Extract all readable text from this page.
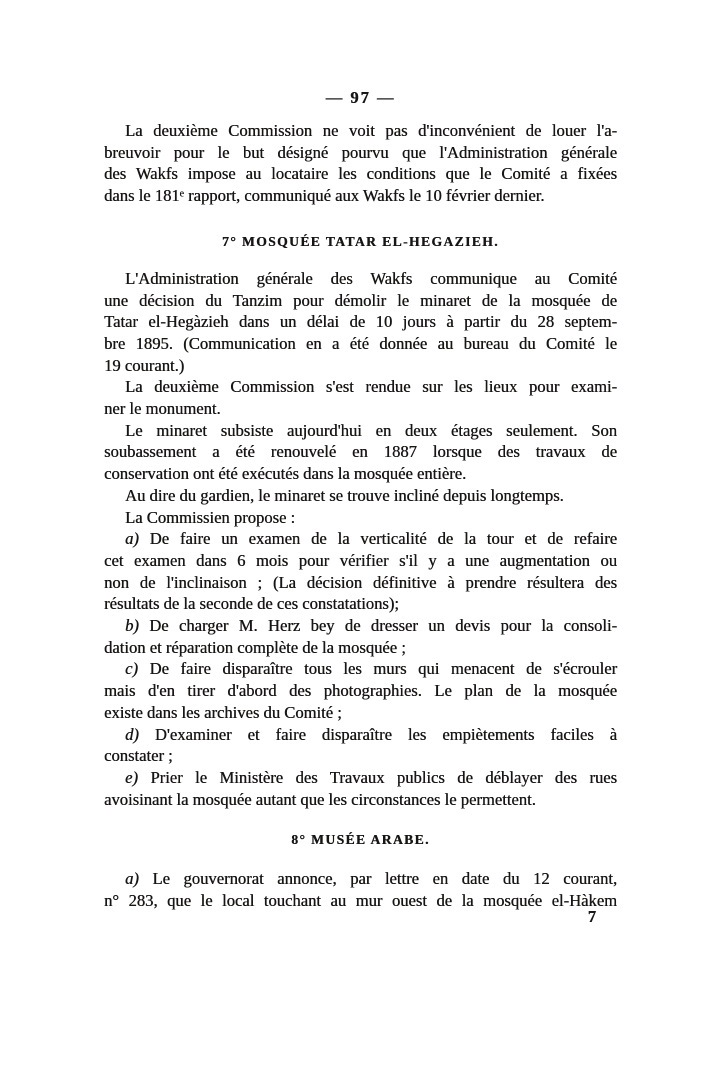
— 97 —
La deuxième Commission ne voit pas d'inconvénient de louer l'a-
breuvoir pour le but désigné pourvu que l'Administration générale
des Wakfs impose au locataire les conditions que le Comité a fixées
dans le 181ᵉ rapport, communiqué aux Wakfs le 10 février dernier.
7° MOSQUÉE TATAR EL-HEGAZIEH.
L'Administration générale des Wakfs communique au Comité
une décision du Tanzim pour démolir le minaret de la mosquée de
Tatar el-Hegàzieh dans un délai de 10 jours à partir du 28 septem-
bre 1895. (Communication en a été donnée au bureau du Comité le
19 courant.)
La deuxième Commission s'est rendue sur les lieux pour exami-
ner le monument.
Le minaret subsiste aujourd'hui en deux étages seulement. Son
soubassement a été renouvelé en 1887 lorsque des travaux de
conservation ont été exécutés dans la mosquée entière.
Au dire du gardien, le minaret se trouve incliné depuis longtemps.
La Commissien propose :
a) De faire un examen de la verticalité de la tour et de refaire
cet examen dans 6 mois pour vérifier s'il y a une augmentation ou
non de l'inclinaison ; (La décision définitive à prendre résultera des
résultats de la seconde de ces constatations);
b) De charger M. Herz bey de dresser un devis pour la consoli-
dation et réparation complète de la mosquée ;
c) De faire disparaître tous les murs qui menacent de s'écrouler
mais d'en tirer d'abord des photographies. Le plan de la mosquée
existe dans les archives du Comité ;
d) D'examiner et faire disparaître les empiètements faciles à
constater ;
e) Prier le Ministère des Travaux publics de déblayer des rues
avoisinant la mosquée autant que les circonstances le permettent.
8° MUSÉE ARABE.
a) Le gouvernorat annonce, par lettre en date du 12 courant,
n° 283, que le local touchant au mur ouest de la mosquée el-Hàkem
7
